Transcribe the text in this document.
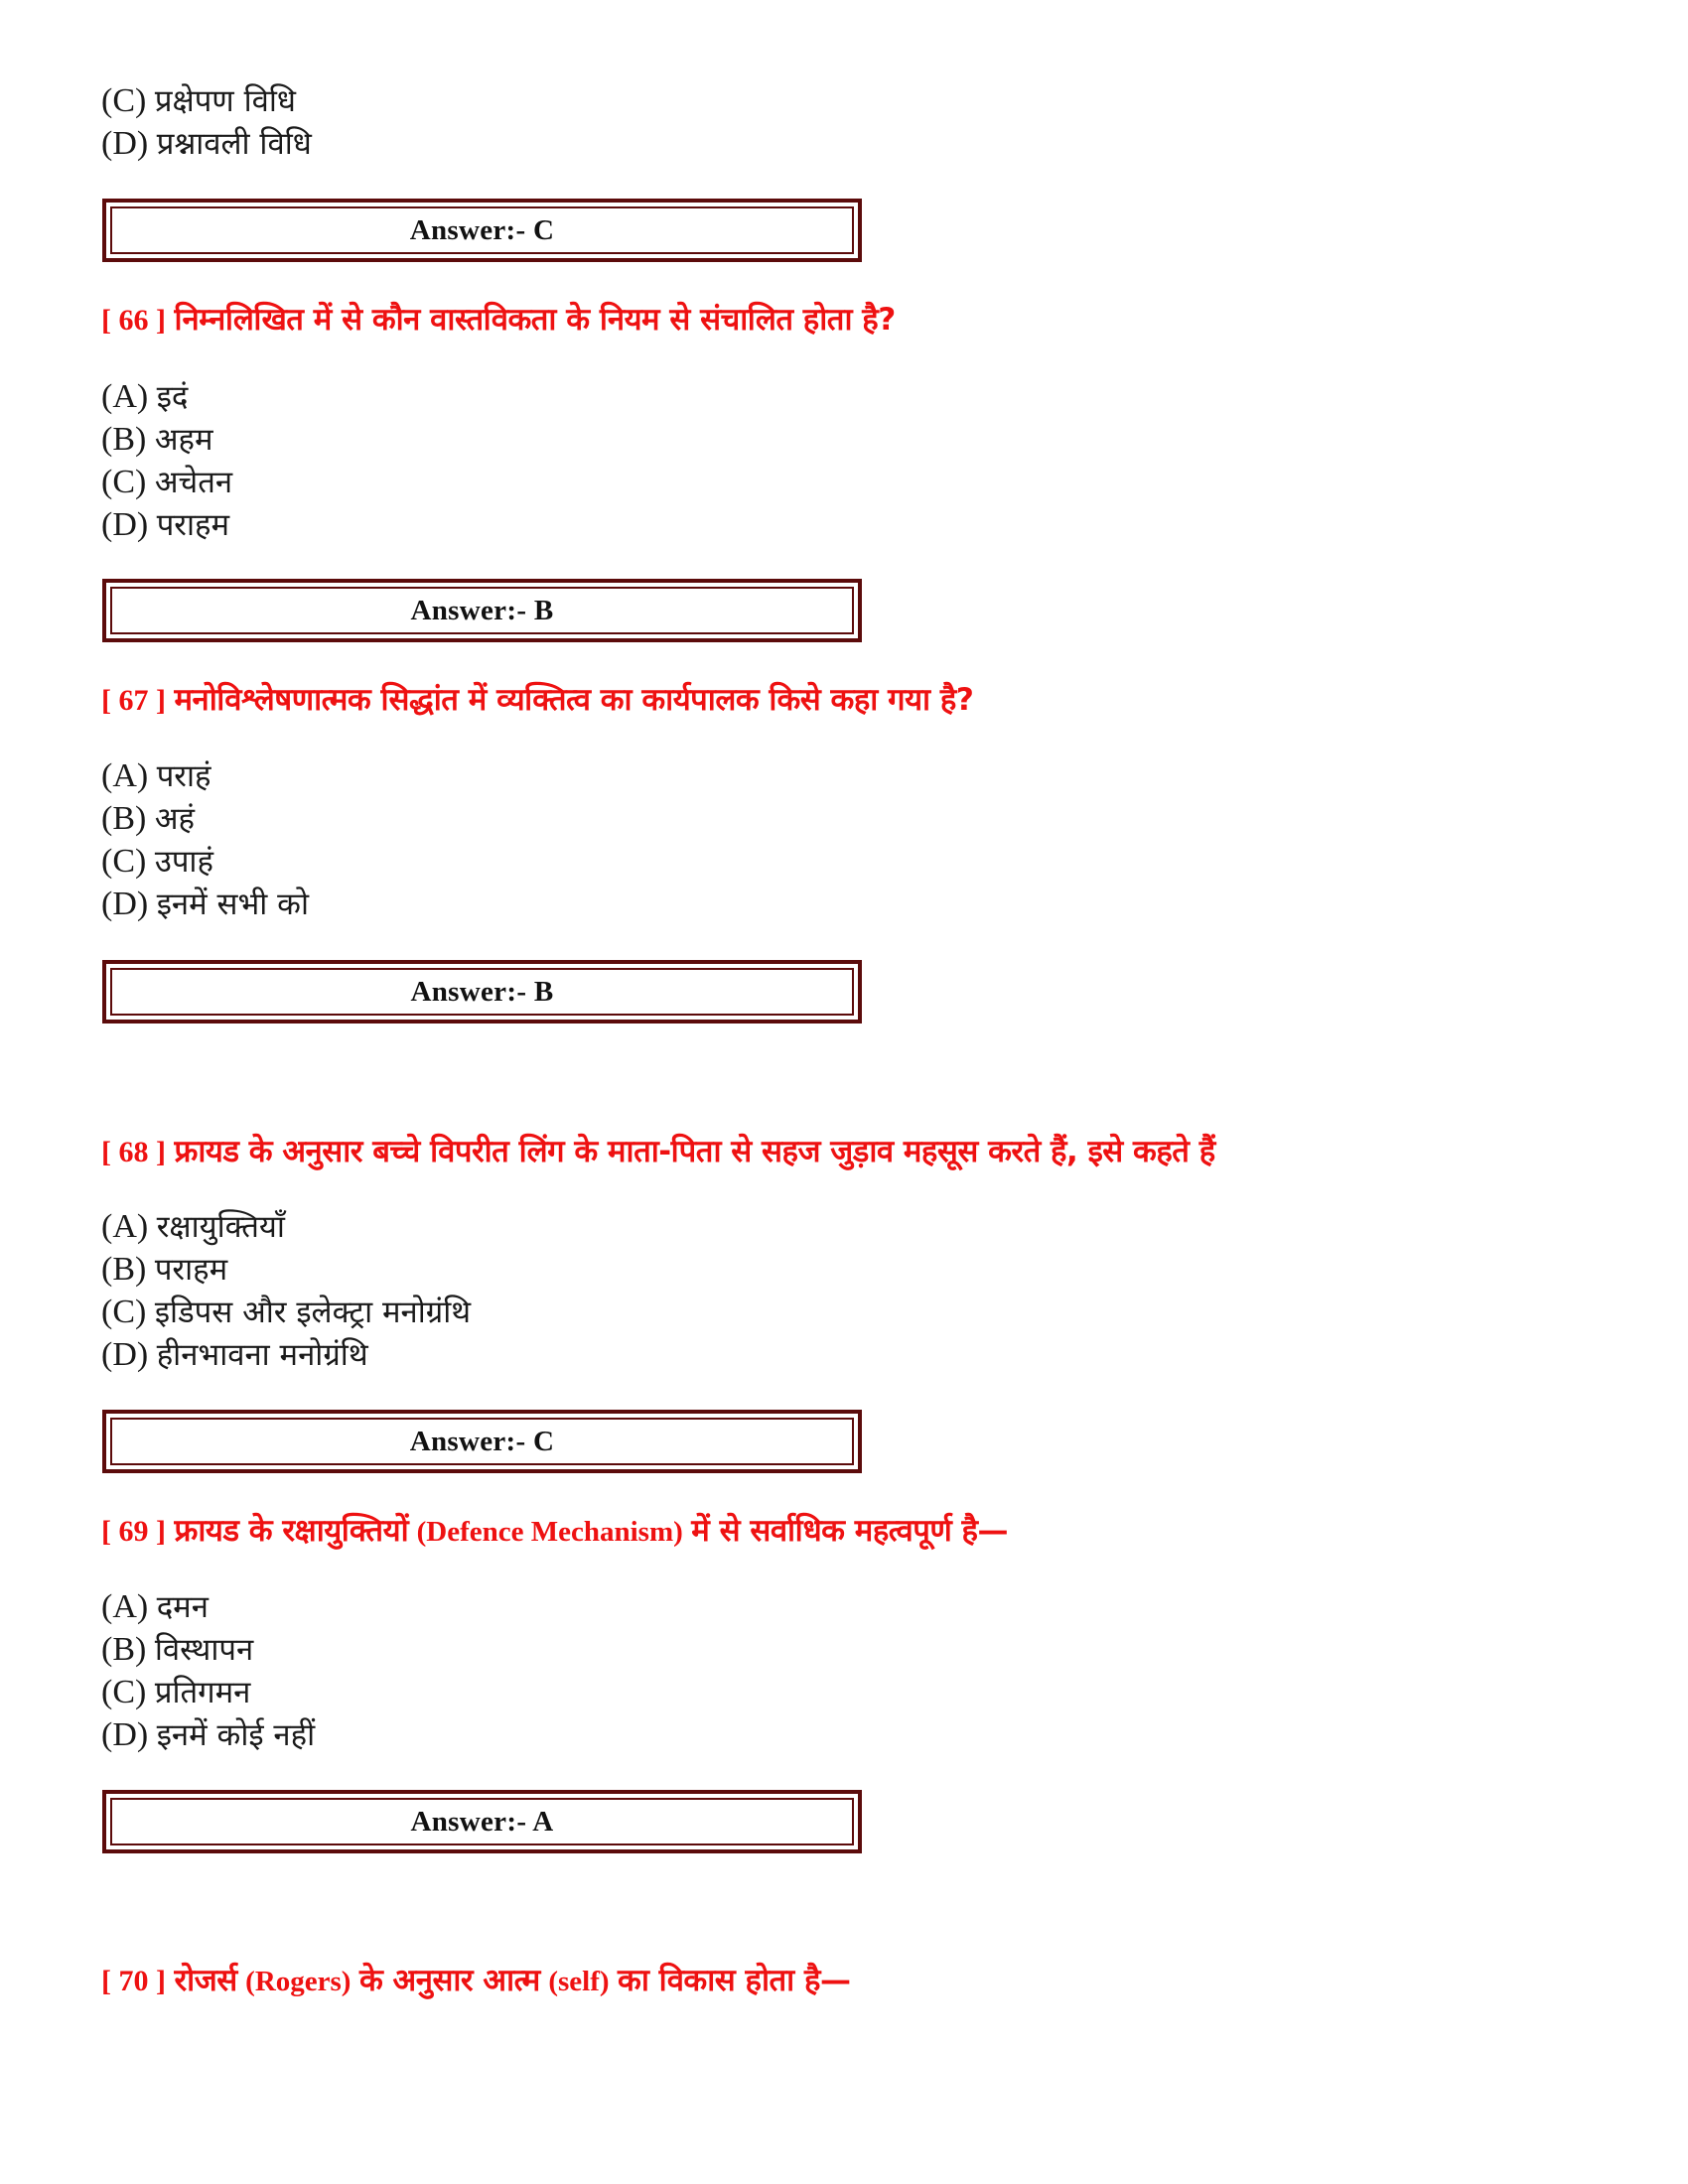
(C) प्रक्षेपण विधि
(D) प्रश्नावली विधि
Answer:- C
[ 66 ] निम्नलिखित में से कौन वास्तविकता के नियम से संचालित होता है?
(A) इदं
(B) अहम
(C) अचेतन
(D) पराहम
Answer:- B
[ 67 ] मनोविश्लेषणात्मक सिद्धांत में व्यक्तित्व का कार्यपालक किसे कहा गया है?
(A) पराहं
(B) अहं
(C) उपाहं
(D) इनमें सभी को
Answer:- B
[ 68 ] फ्रायड के अनुसार बच्चे विपरीत लिंग के माता-पिता से सहज जुड़ाव महसूस करते हैं, इसे कहते हैं
(A) रक्षायुक्तियाँ
(B) पराहम
(C) इडिपस और इलेक्ट्रा मनोग्रंथि
(D) हीनभावना मनोग्रंथि
Answer:- C
[ 69 ] फ्रायड के रक्षायुक्तियों (Defence Mechanism) में से सर्वाधिक महत्वपूर्ण है—
(A) दमन
(B) विस्थापन
(C) प्रतिगमन
(D) इनमें कोई नहीं
Answer:- A
[ 70 ] रोजर्स (Rogers) के अनुसार आत्म (self) का विकास होता है—
